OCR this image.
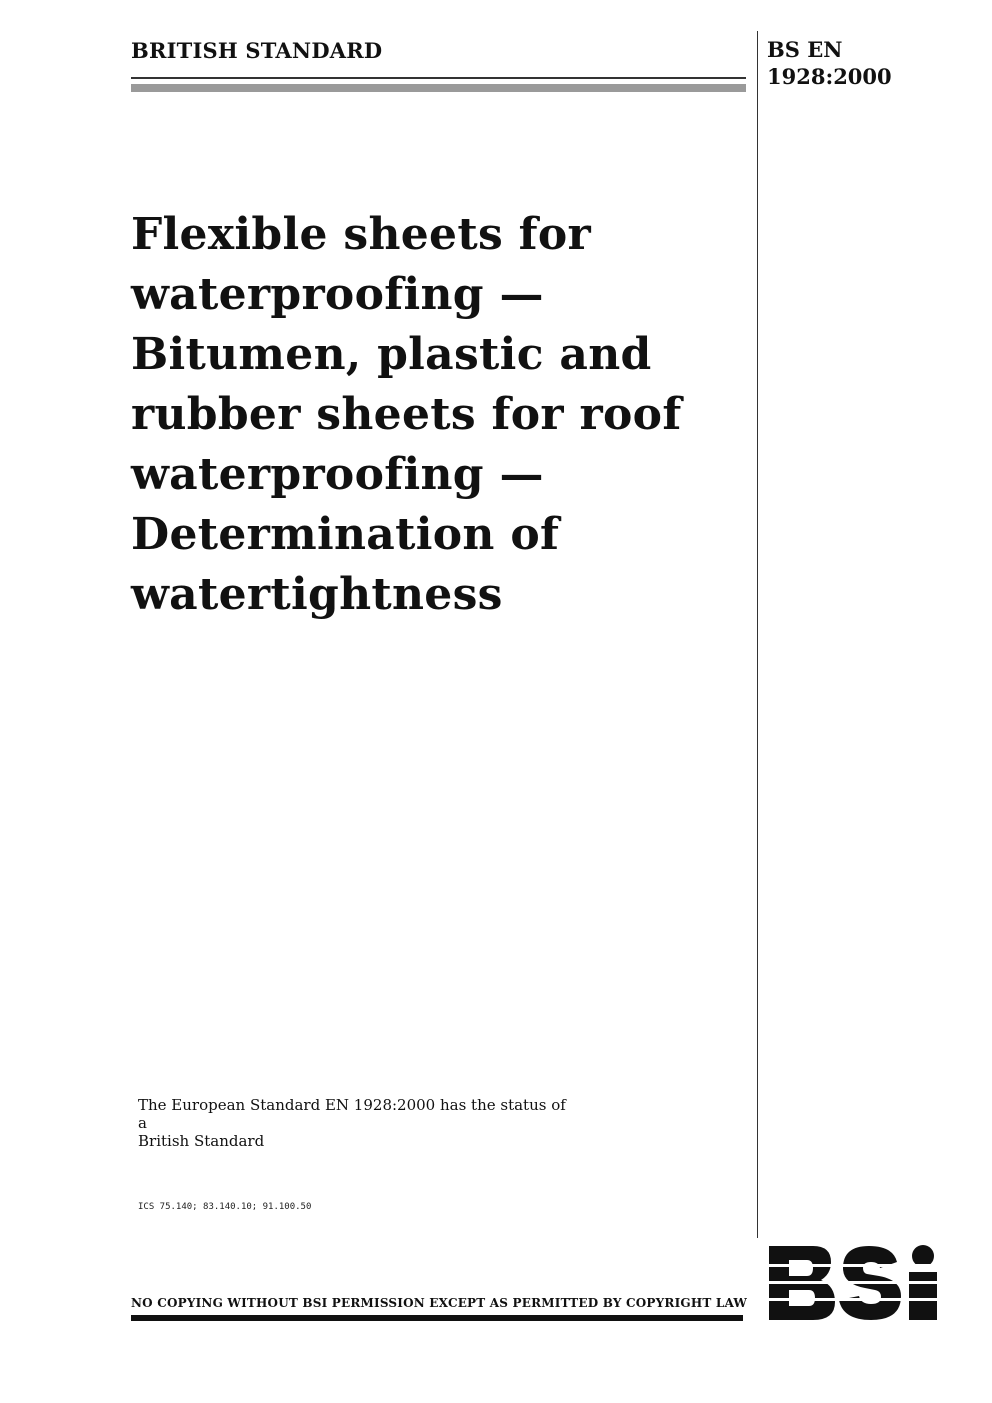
BRITISH STANDARD	BS EN
1928:2000
Flexible sheets for
waterproofing —
Bitumen, plastic and
rubber sheets for roof
waterproofing —
Determination of
watertightness
The European Standard EN 1928:2000 has the status of a
British Standard
ICS 75.140; 83.140.10; 91.100.50
NO COPYING WITHOUT BSI PERMISSION EXCEPT AS PERMITTED BY COPYRIGHT LAW
